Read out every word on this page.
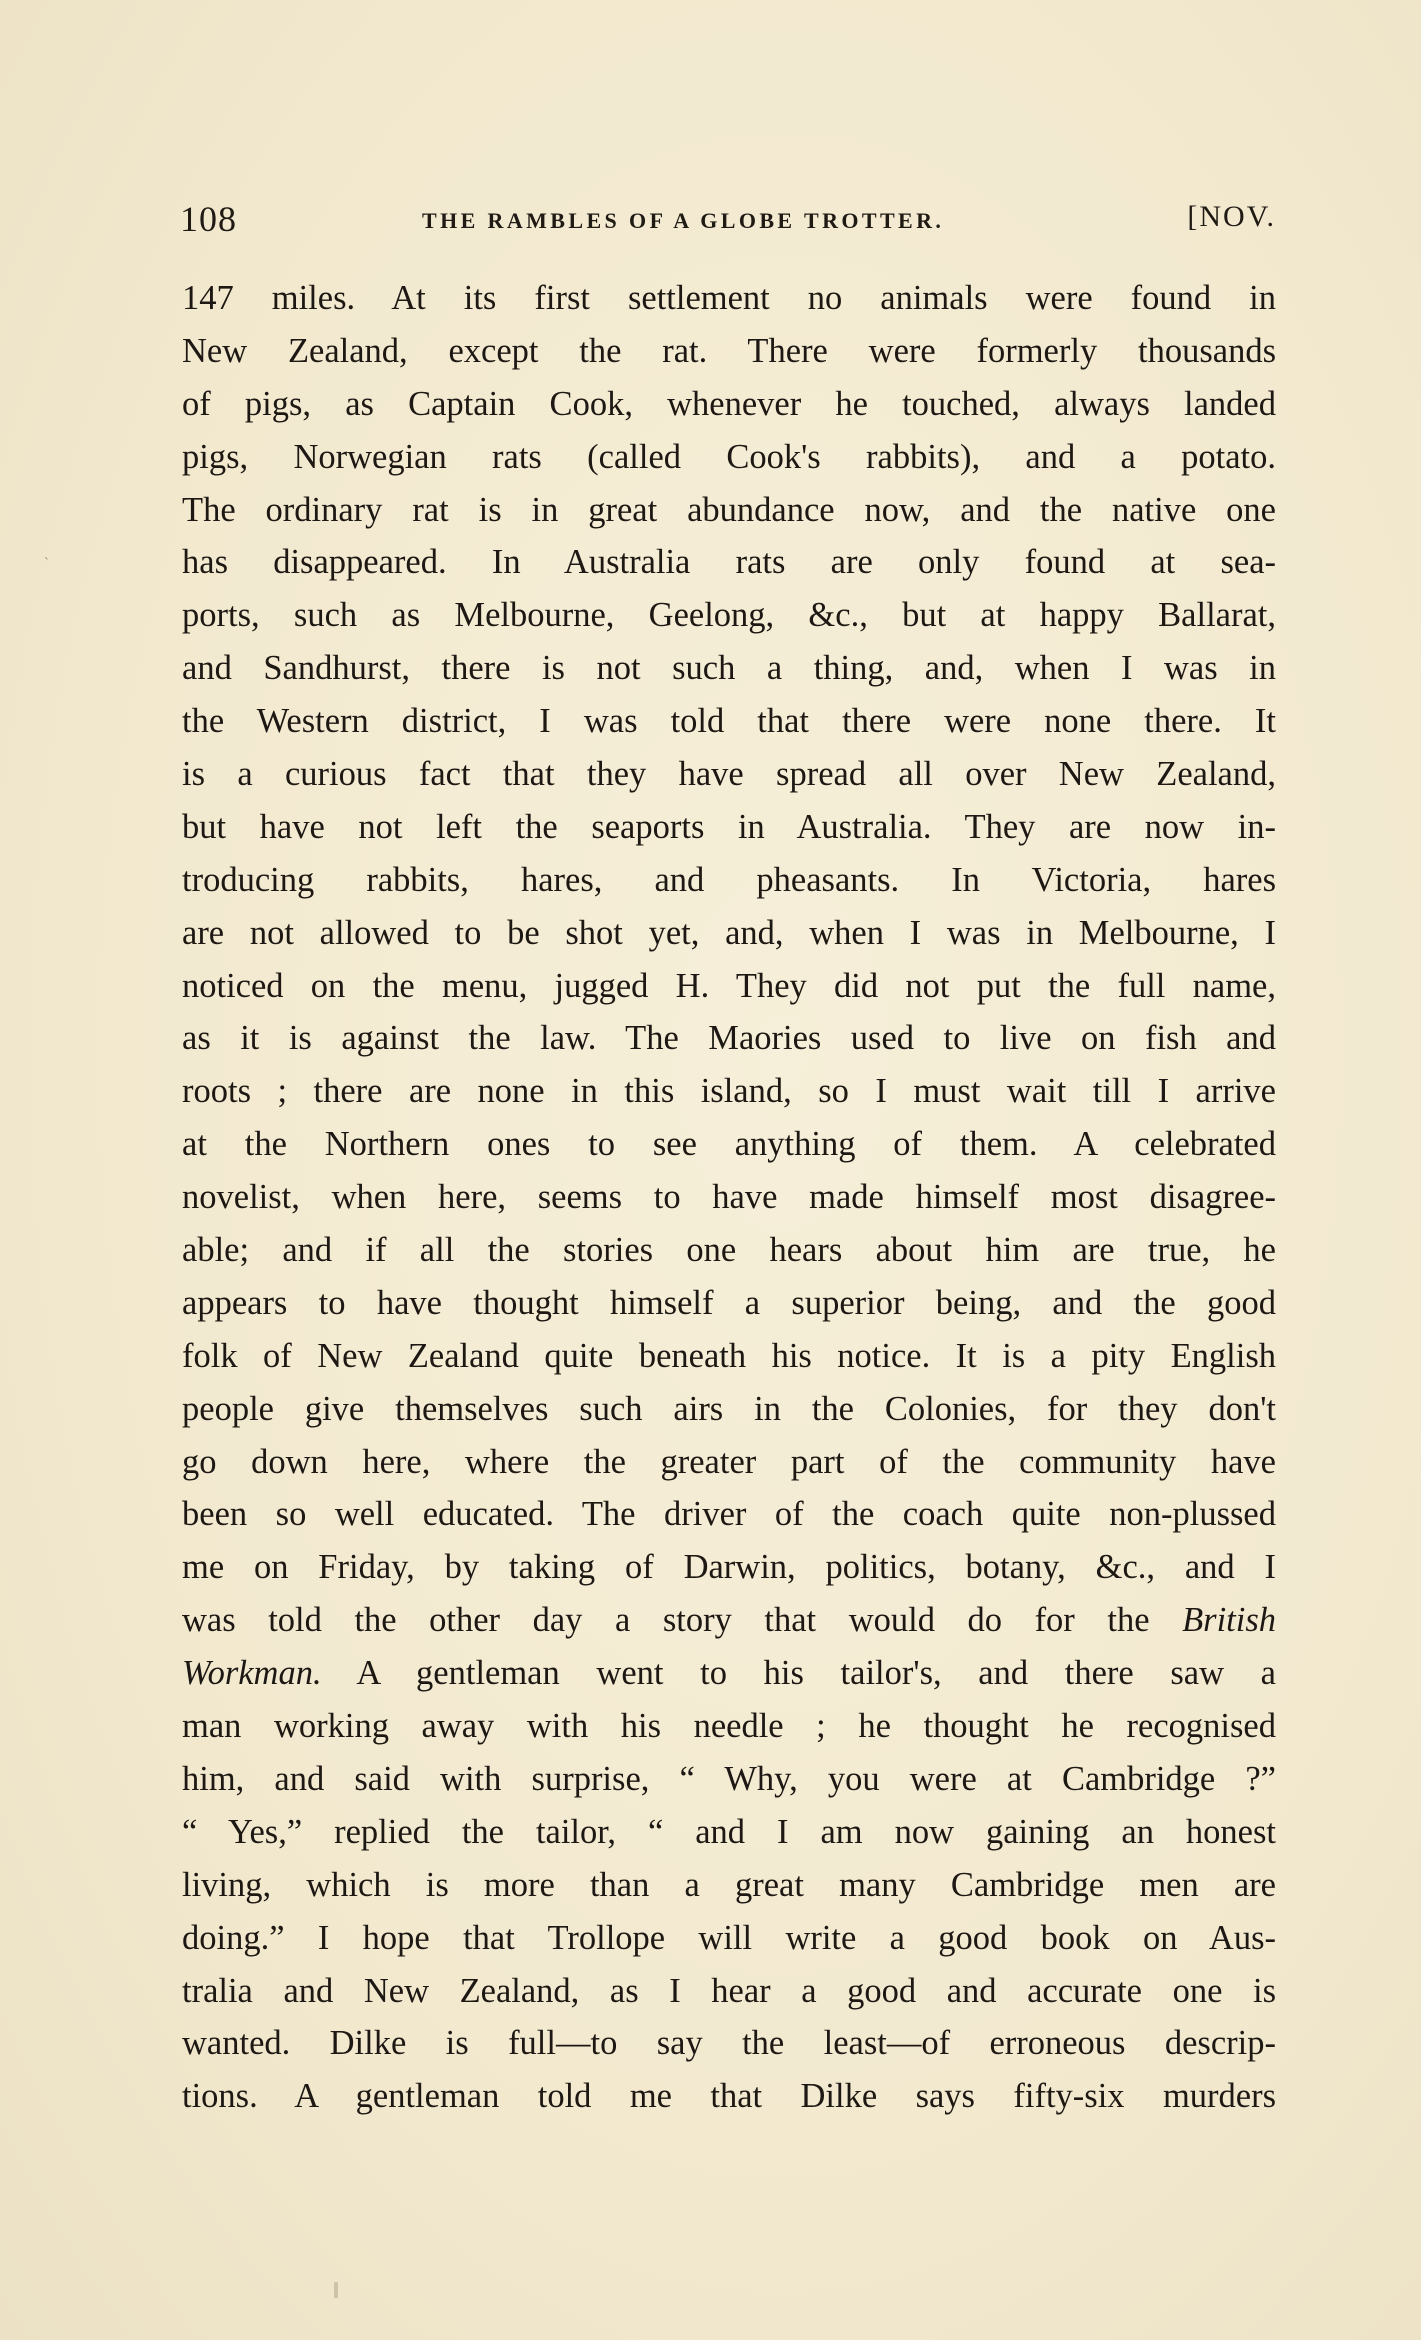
`
108	THE RAMBLES OF A GLOBE TROTTER.	[NOV.
147 miles. At its first settlement no animals were found in
New Zealand, except the rat. There were formerly thousands
of pigs, as Captain Cook, whenever he touched, always landed
pigs, Norwegian rats (called Cook's rabbits), and a potato.
The ordinary rat is in great abundance now, and the native one
has disappeared. In Australia rats are only found at sea-
ports, such as Melbourne, Geelong, &c., but at happy Ballarat,
and Sandhurst, there is not such a thing, and, when I was in
the Western district, I was told that there were none there. It
is a curious fact that they have spread all over New Zealand,
but have not left the seaports in Australia. They are now in-
troducing rabbits, hares, and pheasants. In Victoria, hares
are not allowed to be shot yet, and, when I was in Melbourne, I
noticed on the menu, jugged H. They did not put the full name,
as it is against the law. The Maories used to live on fish and
roots ; there are none in this island, so I must wait till I arrive
at the Northern ones to see anything of them. A celebrated
novelist, when here, seems to have made himself most disagree-
able; and if all the stories one hears about him are true, he
appears to have thought himself a superior being, and the good
folk of New Zealand quite beneath his notice. It is a pity English
people give themselves such airs in the Colonies, for they don't
go down here, where the greater part of the community have
been so well educated. The driver of the coach quite non-plussed
me on Friday, by taking of Darwin, politics, botany, &c., and I
was told the other day a story that would do for the British
Workman. A gentleman went to his tailor's, and there saw a
man working away with his needle ; he thought he recognised
him, and said with surprise, “ Why, you were at Cambridge ?”
“ Yes,” replied the tailor, “ and I am now gaining an honest
living, which is more than a great many Cambridge men are
doing.” I hope that Trollope will write a good book on Aus-
tralia and New Zealand, as I hear a good and accurate one is
wanted. Dilke is full—to say the least—of erroneous descrip-
tions. A gentleman told me that Dilke says fifty-six murders
